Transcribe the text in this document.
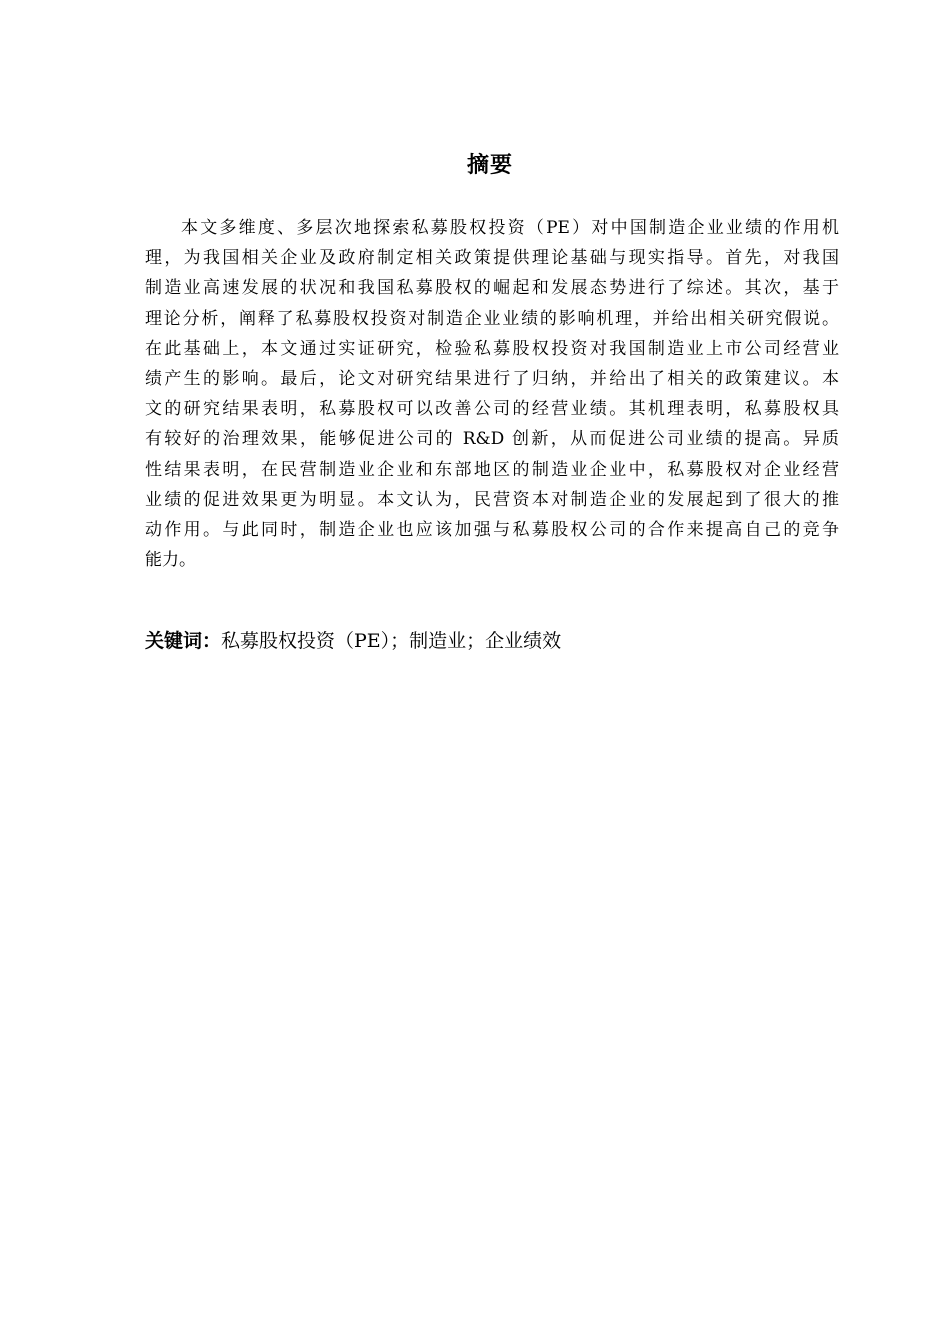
摘要
本文多维度、多层次地探索私募股权投资（PE）对中国制造企业业绩的作用机
理，为我国相关企业及政府制定相关政策提供理论基础与现实指导。首先，对我国
制造业高速发展的状况和我国私募股权的崛起和发展态势进行了综述。其次，基于
理论分析，阐释了私募股权投资对制造企业业绩的影响机理，并给出相关研究假说。
在此基础上，本文通过实证研究，检验私募股权投资对我国制造业上市公司经营业
绩产生的影响。最后，论文对研究结果进行了归纳，并给出了相关的政策建议。本
文的研究结果表明，私募股权可以改善公司的经营业绩。其机理表明，私募股权具
有较好的治理效果，能够促进公司的 R&D 创新，从而促进公司业绩的提高。异质
性结果表明，在民营制造业企业和东部地区的制造业企业中，私募股权对企业经营
业绩的促进效果更为明显。本文认为，民营资本对制造企业的发展起到了很大的推
动作用。与此同时，制造企业也应该加强与私募股权公司的合作来提高自己的竞争
能力。
关键词：私募股权投资（PE）；制造业；企业绩效
